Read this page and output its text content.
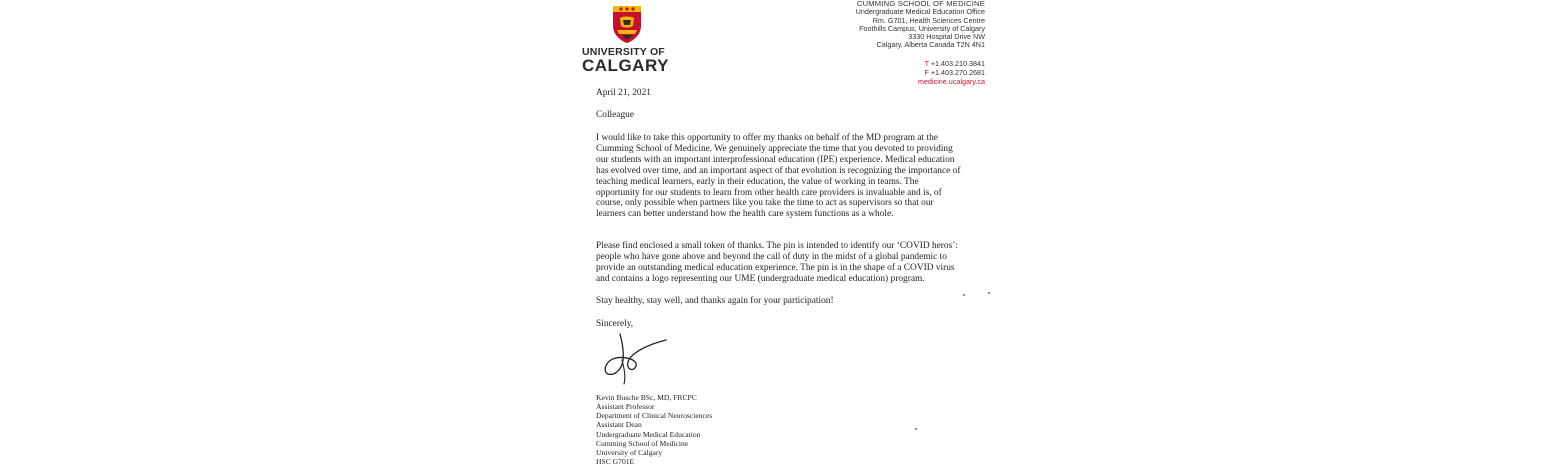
UNIVERSITY OF
CALGARY
CUMMING SCHOOL OF MEDICINE
Undergraduate Medical Education Office
Rm. G701, Health Sciences Centre
Foothills Campus, University of Calgary
3330 Hospital Drive NW
Calgary, Alberta Canada T2N 4N1
T +1.403.210.3841
F +1.403.270.2681
medicine.ucalgary.ca
April 21, 2021
Colleague
I would like to take this opportunity to offer my thanks on behalf of the MD program at the
Cumming School of Medicine. We genuinely appreciate the time that you devoted to providing
our students with an important interprofessional education (IPE) experience. Medical education
has evolved over time, and an important aspect of that evolution is recognizing the importance of
teaching medical learners, early in their education, the value of working in teams. The
opportunity for our students to learn from other health care providers is invaluable and is, of
course, only possible when partners like you take the time to act as supervisors so that our
learners can better understand how the health care system functions as a whole.
Please find enclosed a small token of thanks. The pin is intended to identify our ‘COVID heros’:
people who have gone above and beyond the call of duty in the midst of a global pandemic to
provide an outstanding medical education experience. The pin is in the shape of a COVID virus
and contains a logo representing our UME (undergraduate medical education) program.
Stay healthy, stay well, and thanks again for your participation!
Sincerely,
Kevin Busche BSc, MD, FRCPC
Assistant Professor
Department of Clinical Neurosciences
Assistant Dean
Undergraduate Medical Education
Cumming School of Medicine
University of Calgary
HSC G701E
